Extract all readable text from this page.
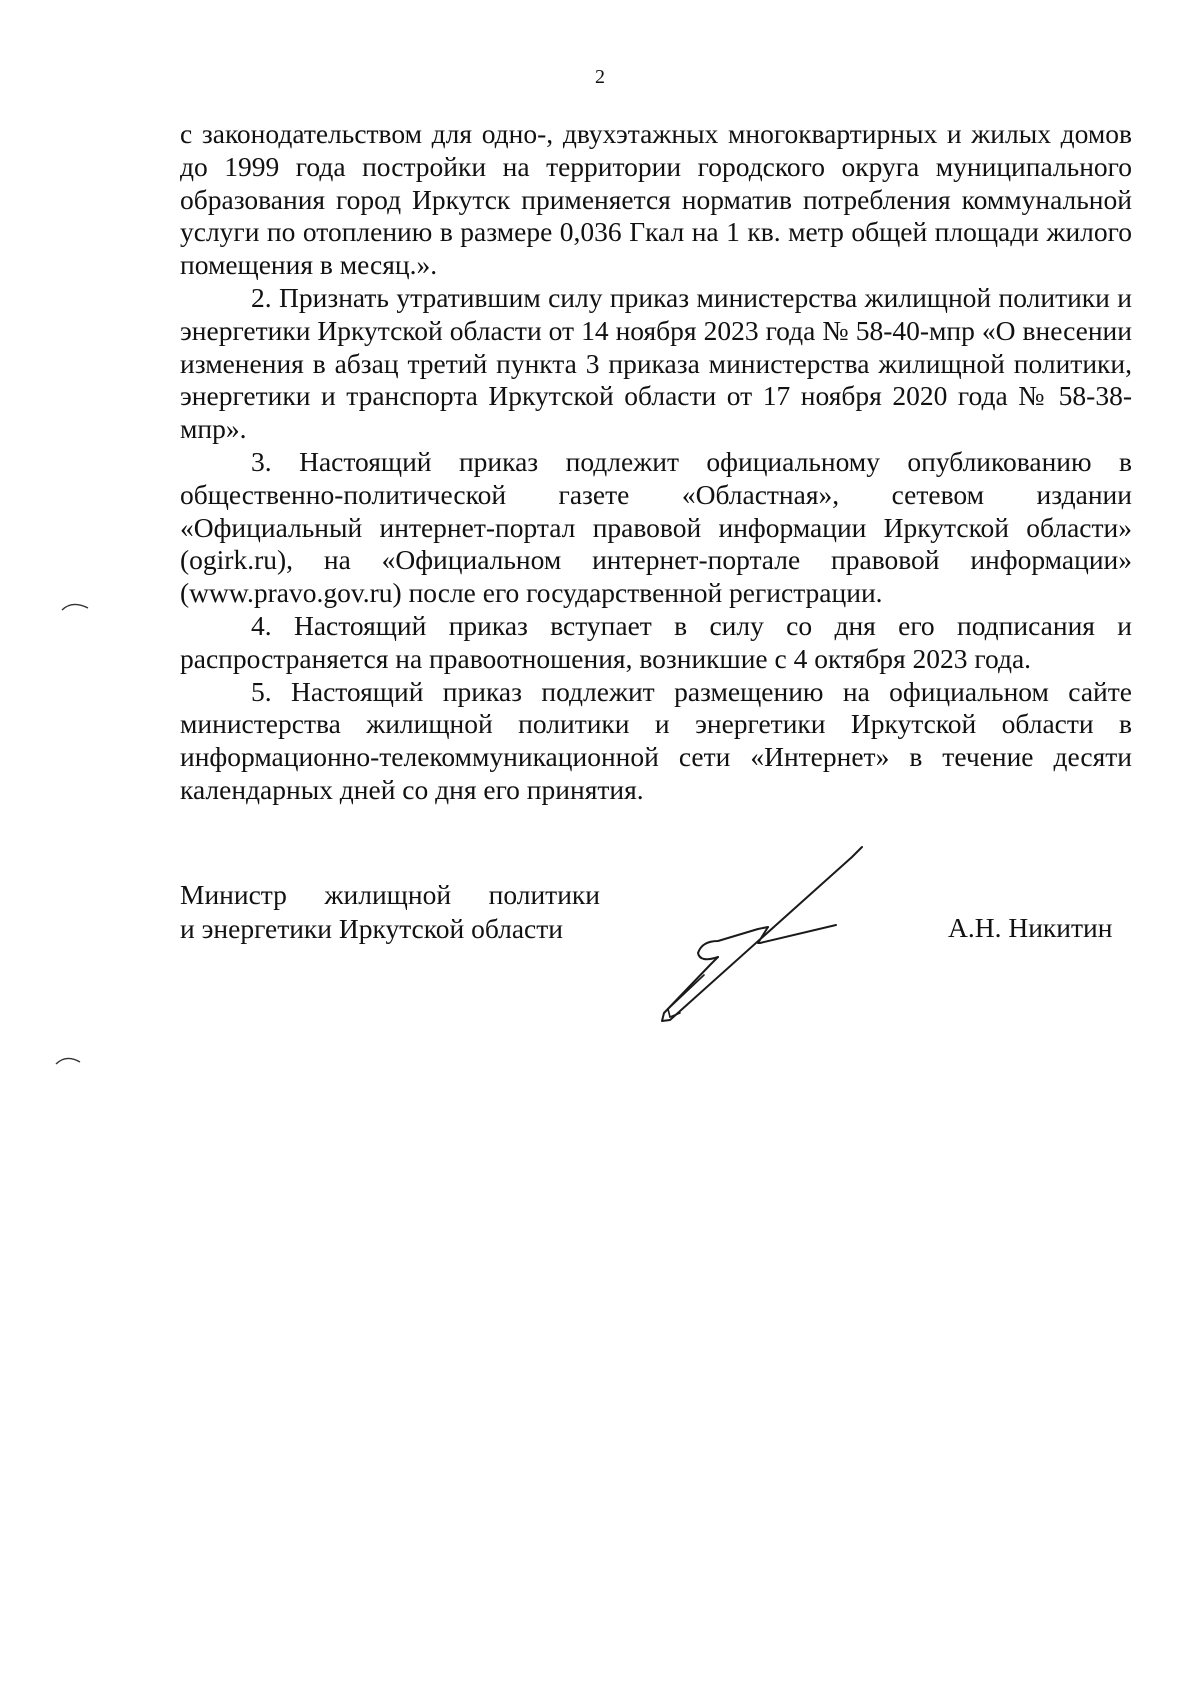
2

с законодательством для одно-, двухэтажных многоквартирных и жилых домов до 1999 года постройки на территории городского округа муниципального образования город Иркутск применяется норматив потребления коммунальной услуги по отоплению в размере 0,036 Гкал на 1 кв. метр общей площади жилого помещения в месяц.».

2. Признать утратившим силу приказ министерства жилищной политики и энергетики Иркутской области от 14 ноября 2023 года № 58-40-мпр «О внесении изменения в абзац третий пункта 3 приказа министерства жилищной политики, энергетики и транспорта Иркутской области от 17 ноября 2020 года № 58-38-мпр».

3. Настоящий приказ подлежит официальному опубликованию в общественно-политической газете «Областная», сетевом издании «Официальный интернет-портал правовой информации Иркутской области» (ogirk.ru), на «Официальном интернет-портале правовой информации» (www.pravo.gov.ru) после его государственной регистрации.

4. Настоящий приказ вступает в силу со дня его подписания и распространяется на правоотношения, возникшие с 4 октября 2023 года.

5. Настоящий приказ подлежит размещению на официальном сайте министерства жилищной политики и энергетики Иркутской области в информационно-телекоммуникационной сети «Интернет» в течение десяти календарных дней со дня его принятия.

Министр жилищной политики
и энергетики Иркутской области	А.Н. Никитин
